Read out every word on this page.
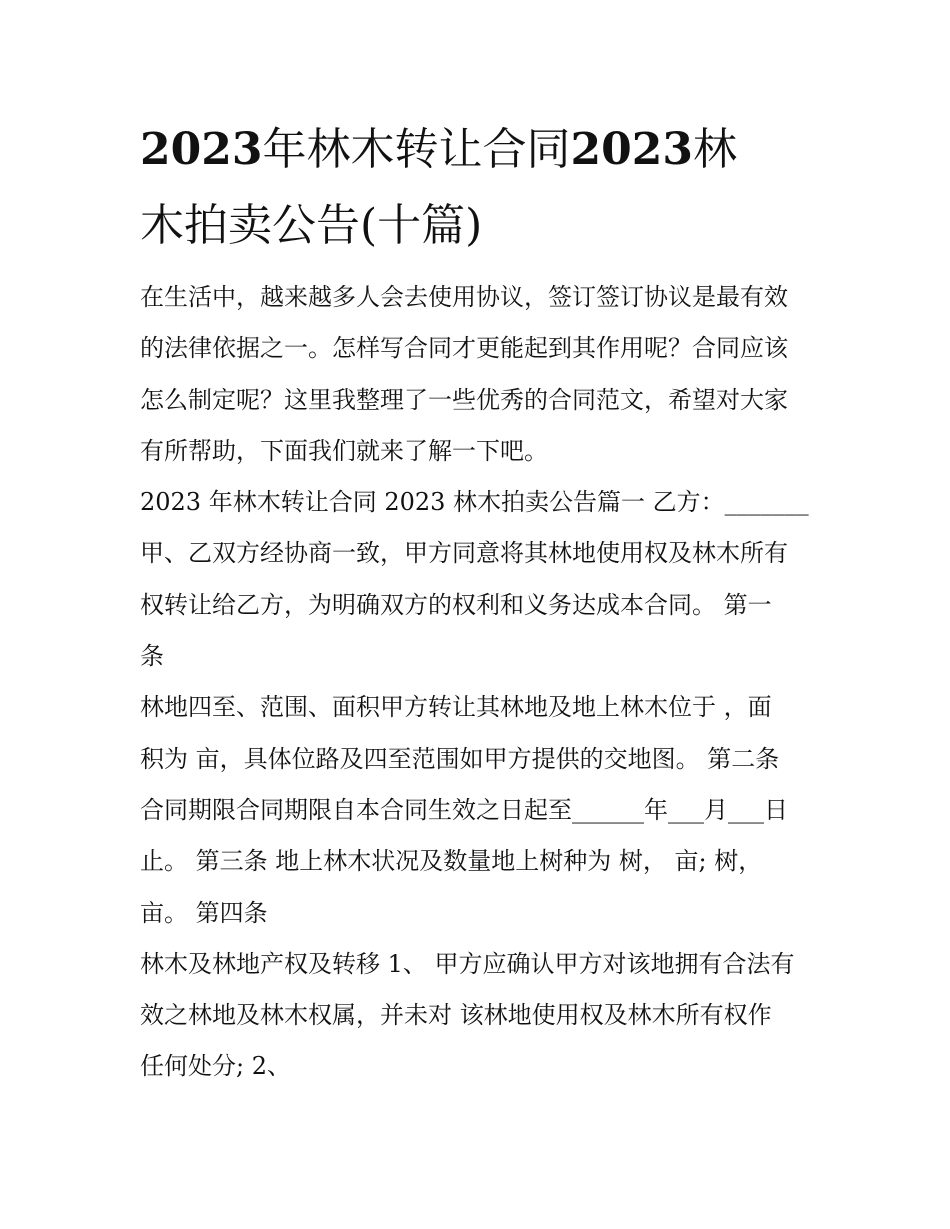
2023年林木转让合同2023林
木拍卖公告(十篇)

在生活中，越来越多人会去使用协议，签订签订协议是最有效
的法律依据之一。怎样写合同才更能起到其作用呢？合同应该
怎么制定呢？这里我整理了一些优秀的合同范文，希望对大家
有所帮助，下面我们就来了解一下吧。

2023 年林木转让合同 2023 林木拍卖公告篇一 乙方：_______
甲、乙双方经协商一致，甲方同意将其林地使用权及林木所有
权转让给乙方，为明确双方的权利和义务达成本合同。 第一
条

林地四至、范围、面积甲方转让其林地及地上林木位于 ，面
积为 亩，具体位路及四至范围如甲方提供的交地图。 第二条
合同期限合同期限自本合同生效之日起至______年___月___日
止。 第三条 地上林木状况及数量地上树种为 树， 亩; 树，
亩。 第四条

林木及林地产权及转移 1、 甲方应确认甲方对该地拥有合法有
效之林地及林木权属，并未对 该林地使用权及林木所有权作
任何处分; 2、
